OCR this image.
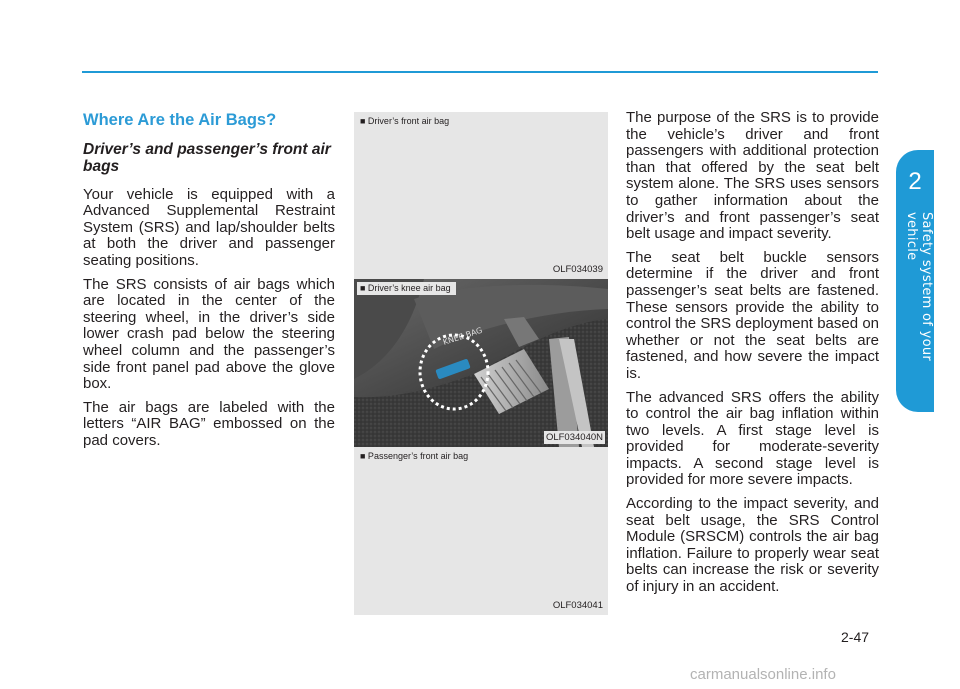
2
Safety system of your vehicle
Where Are the Air Bags?
Driver’s and passenger’s front air bags

Your vehicle is equipped with a Advanced Supplemental Restraint System (SRS) and lap/shoulder belts at both the driver and passenger seating positions.

The SRS consists of air bags which are located in the center of the steering wheel, in the driver’s side lower crash pad below the steering wheel column and the passenger’s side front panel pad above the glove box.

The air bags are labeled with the letters “AIR BAG” embossed on the pad covers.

■ Driver’s front air bag
OLF034039
KNEE BAG
■ Driver’s knee air bag
OLF034040N
■ Passenger’s front air bag
OLF034041

The purpose of the SRS is to provide the vehicle’s driver and front passengers with additional protection than that offered by the seat belt system alone. The SRS uses sensors to gather information about the driver’s and front passenger’s seat belt usage and impact severity.

The seat belt buckle sensors determine if the driver and front passenger’s seat belts are fastened. These sensors provide the ability to control the SRS deployment based on whether or not the seat belts are fastened, and how severe the impact is.

The advanced SRS offers the ability to control the air bag inflation within two levels. A first stage level is provided for moderate-severity impacts. A second stage level is provided for more severe impacts.

According to the impact severity, and seat belt usage, the SRS Control Module (SRSCM) controls the air bag inflation. Failure to properly wear seat belts can increase the risk or severity of injury in an accident.

2-47
carmanualsonline.info
